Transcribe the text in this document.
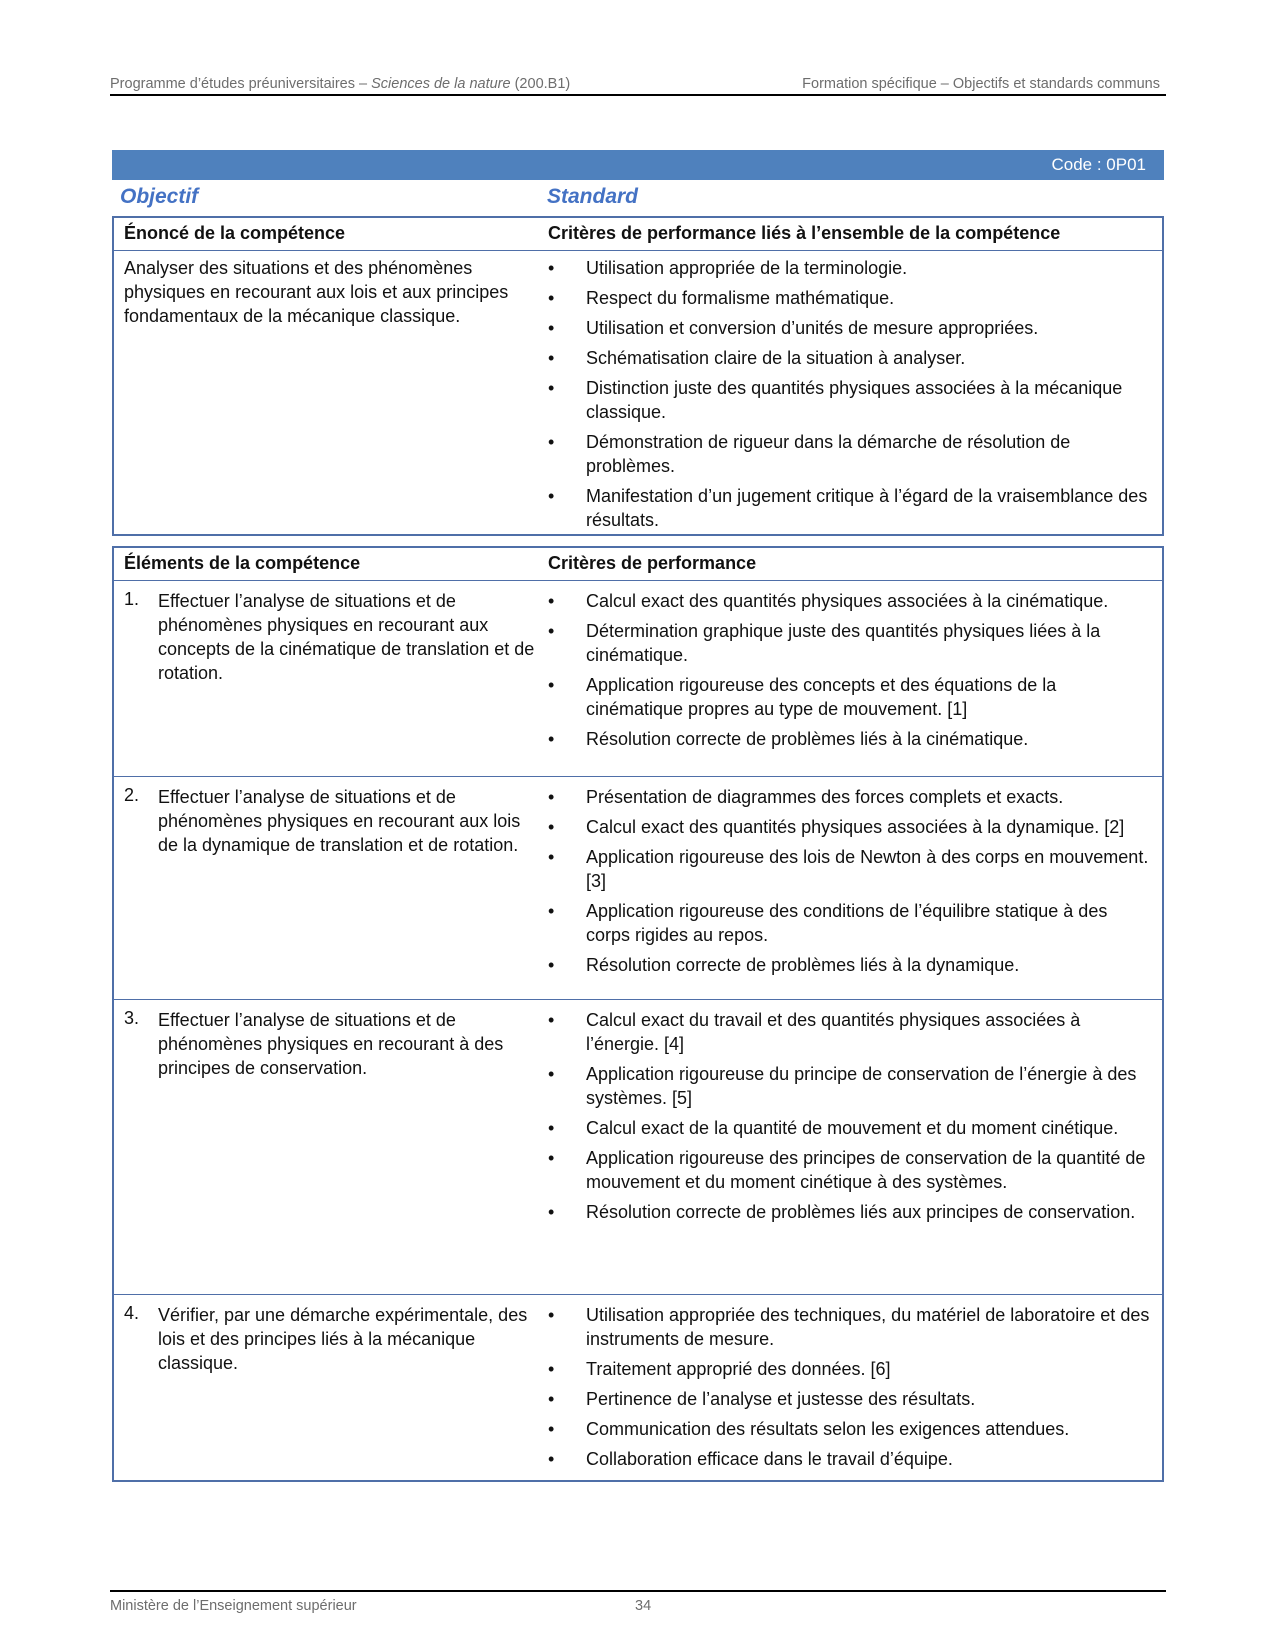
Programme d’études préuniversitaires – Sciences de la nature (200.B1)	Formation spécifique – Objectifs et standards communs
Code : 0P01
Objectif	Standard
Énoncé de la compétence	Critères de performance liés à l’ensemble de la compétence
Analyser des situations et des phénomènes physiques en recourant aux lois et aux principes fondamentaux de la mécanique classique.
• Utilisation appropriée de la terminologie.
• Respect du formalisme mathématique.
• Utilisation et conversion d’unités de mesure appropriées.
• Schématisation claire de la situation à analyser.
• Distinction juste des quantités physiques associées à la mécanique classique.
• Démonstration de rigueur dans la démarche de résolution de problèmes.
• Manifestation d’un jugement critique à l’égard de la vraisemblance des résultats.
Éléments de la compétence	Critères de performance
1. Effectuer l’analyse de situations et de phénomènes physiques en recourant aux concepts de la cinématique de translation et de rotation.
• Calcul exact des quantités physiques associées à la cinématique.
• Détermination graphique juste des quantités physiques liées à la cinématique.
• Application rigoureuse des concepts et des équations de la cinématique propres au type de mouvement. [1]
• Résolution correcte de problèmes liés à la cinématique.
2. Effectuer l’analyse de situations et de phénomènes physiques en recourant aux lois de la dynamique de translation et de rotation.
• Présentation de diagrammes des forces complets et exacts.
• Calcul exact des quantités physiques associées à la dynamique. [2]
• Application rigoureuse des lois de Newton à des corps en mouvement. [3]
• Application rigoureuse des conditions de l’équilibre statique à des corps rigides au repos.
• Résolution correcte de problèmes liés à la dynamique.
3. Effectuer l’analyse de situations et de phénomènes physiques en recourant à des principes de conservation.
• Calcul exact du travail et des quantités physiques associées à l’énergie. [4]
• Application rigoureuse du principe de conservation de l’énergie à des systèmes. [5]
• Calcul exact de la quantité de mouvement et du moment cinétique.
• Application rigoureuse des principes de conservation de la quantité de mouvement et du moment cinétique à des systèmes.
• Résolution correcte de problèmes liés aux principes de conservation.
4. Vérifier, par une démarche expérimentale, des lois et des principes liés à la mécanique classique.
• Utilisation appropriée des techniques, du matériel de laboratoire et des instruments de mesure.
• Traitement approprié des données. [6]
• Pertinence de l’analyse et justesse des résultats.
• Communication des résultats selon les exigences attendues.
• Collaboration efficace dans le travail d’équipe.
Ministère de l’Enseignement supérieur	34
